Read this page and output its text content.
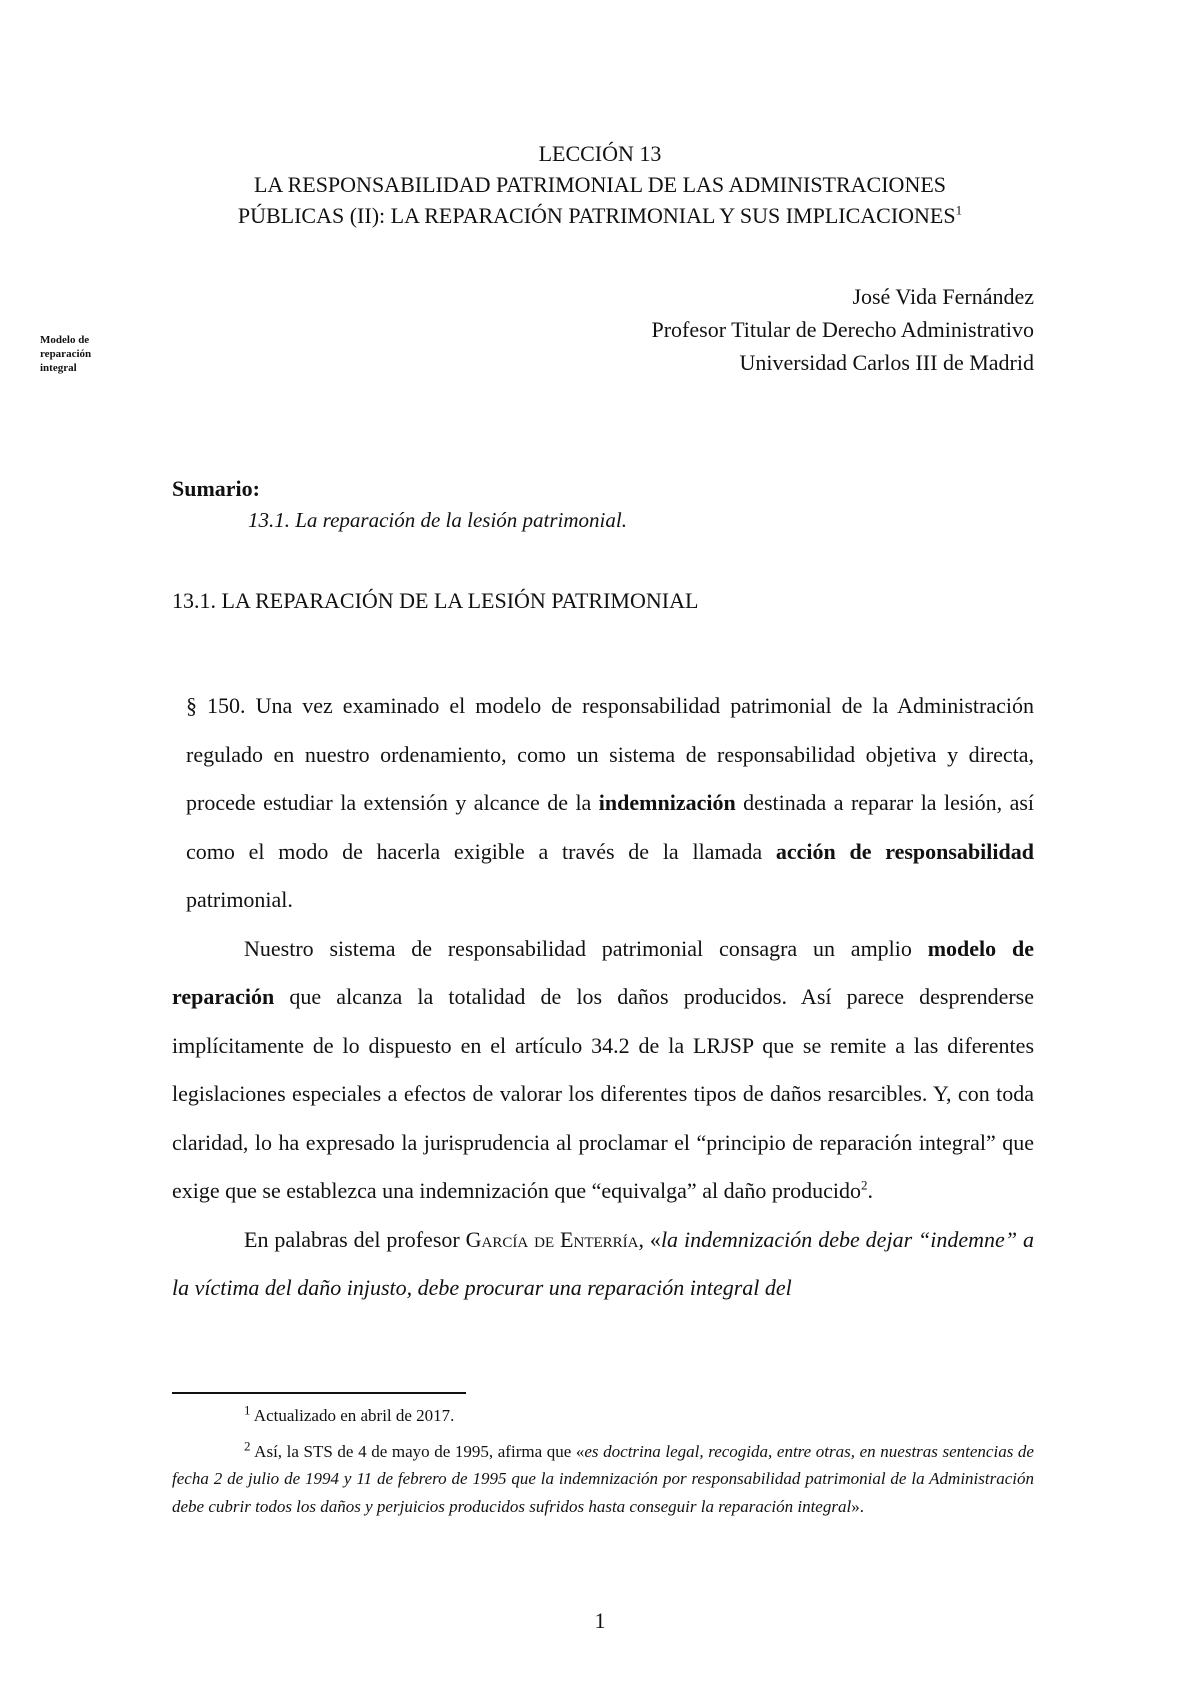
LECCIÓN 13
LA RESPONSABILIDAD PATRIMONIAL DE LAS ADMINISTRACIONES
PÚBLICAS (II): LA REPARACIÓN PATRIMONIAL Y SUS IMPLICACIONES$^1$
José Vida Fernández
Profesor Titular de Derecho Administrativo
Universidad Carlos III de Madrid
Modelo de
reparación
integral
Sumario:
13.1. La reparación de la lesión patrimonial.
13.1. LA REPARACIÓN DE LA LESIÓN PATRIMONIAL

§ 150. Una vez examinado el modelo de responsabilidad patrimonial de la Administración regulado en nuestro ordenamiento, como un sistema de responsabilidad objetiva y directa, procede estudiar la extensión y alcance de la indemnización destinada a reparar la lesión, así como el modo de hacerla exigible a través de la llamada acción de responsabilidad patrimonial.

Nuestro sistema de responsabilidad patrimonial consagra un amplio modelo de reparación que alcanza la totalidad de los daños producidos. Así parece desprenderse implícitamente de lo dispuesto en el artículo 34.2 de la LRJSP que se remite a las diferentes legislaciones especiales a efectos de valorar los diferentes tipos de daños resarcibles. Y, con toda claridad, lo ha expresado la jurisprudencia al proclamar el “principio de reparación integral” que exige que se establezca una indemnización que “equivalga” al daño producido$^2$.

En palabras del profesor García de Enterría, «la indemnización debe dejar “indemne” a la víctima del daño injusto, debe procurar una reparación integral del

$^1$ Actualizado en abril de 2017.

$^2$ Así, la STS de 4 de mayo de 1995, afirma que «es doctrina legal, recogida, entre otras, en nuestras sentencias de fecha 2 de julio de 1994 y 11 de febrero de 1995 que la indemnización por responsabilidad patrimonial de la Administración debe cubrir todos los daños y perjuicios producidos sufridos hasta conseguir la reparación integral».

1
